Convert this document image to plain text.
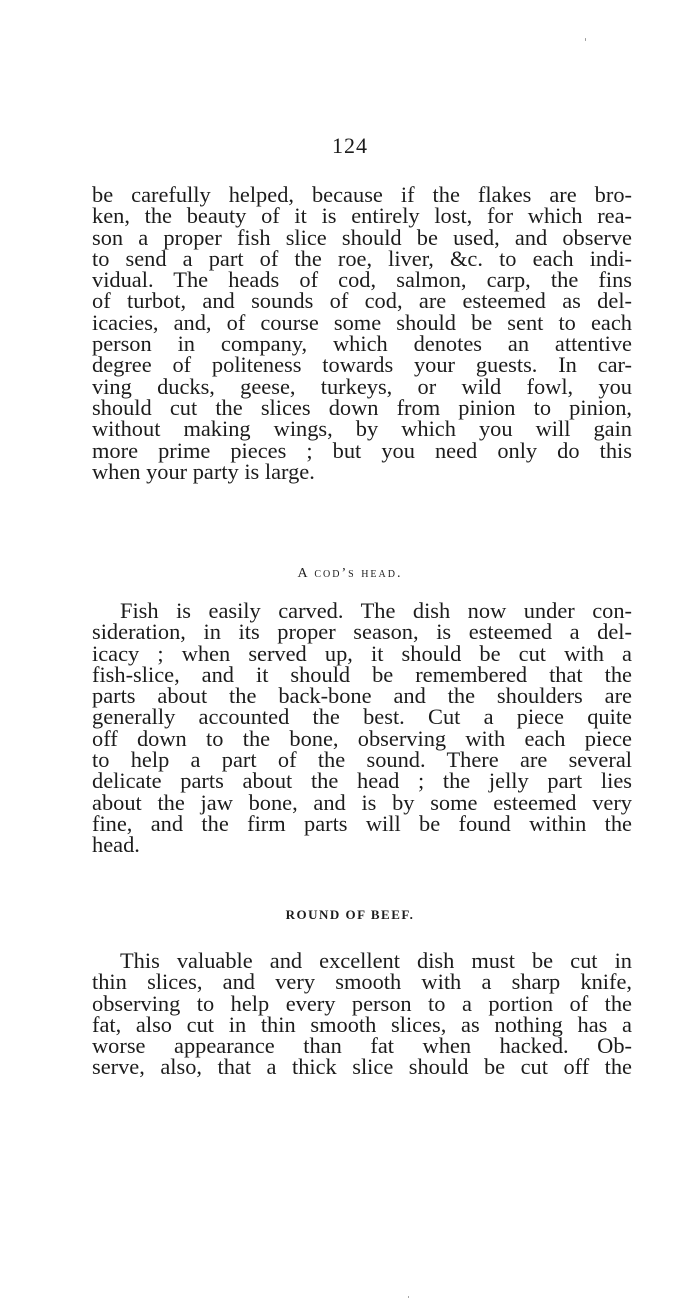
124
be carefully helped, because if the flakes are bro-
ken, the beauty of it is entirely lost, for which rea-
son a proper fish slice should be used, and observe
to send a part of the roe, liver, &c. to each indi-
vidual. The heads of cod, salmon, carp, the fins
of turbot, and sounds of cod, are esteemed as del-
icacies, and, of course some should be sent to each
person in company, which denotes an attentive
degree of politeness towards your guests. In car-
ving ducks, geese, turkeys, or wild fowl, you
should cut the slices down from pinion to pinion,
without making wings, by which you will gain
more prime pieces ; but you need only do this
when your party is large.
A cod’s head.
Fish is easily carved. The dish now under con-
sideration, in its proper season, is esteemed a del-
icacy ; when served up, it should be cut with a
fish-slice, and it should be remembered that the
parts about the back-bone and the shoulders are
generally accounted the best. Cut a piece quite
off down to the bone, observing with each piece
to help a part of the sound. There are several
delicate parts about the head ; the jelly part lies
about the jaw bone, and is by some esteemed very
fine, and the firm parts will be found within the
head.
ROUND OF BEEF.
This valuable and excellent dish must be cut in
thin slices, and very smooth with a sharp knife,
observing to help every person to a portion of the
fat, also cut in thin smooth slices, as nothing has a
worse appearance than fat when hacked. Ob-
serve, also, that a thick slice should be cut off the
